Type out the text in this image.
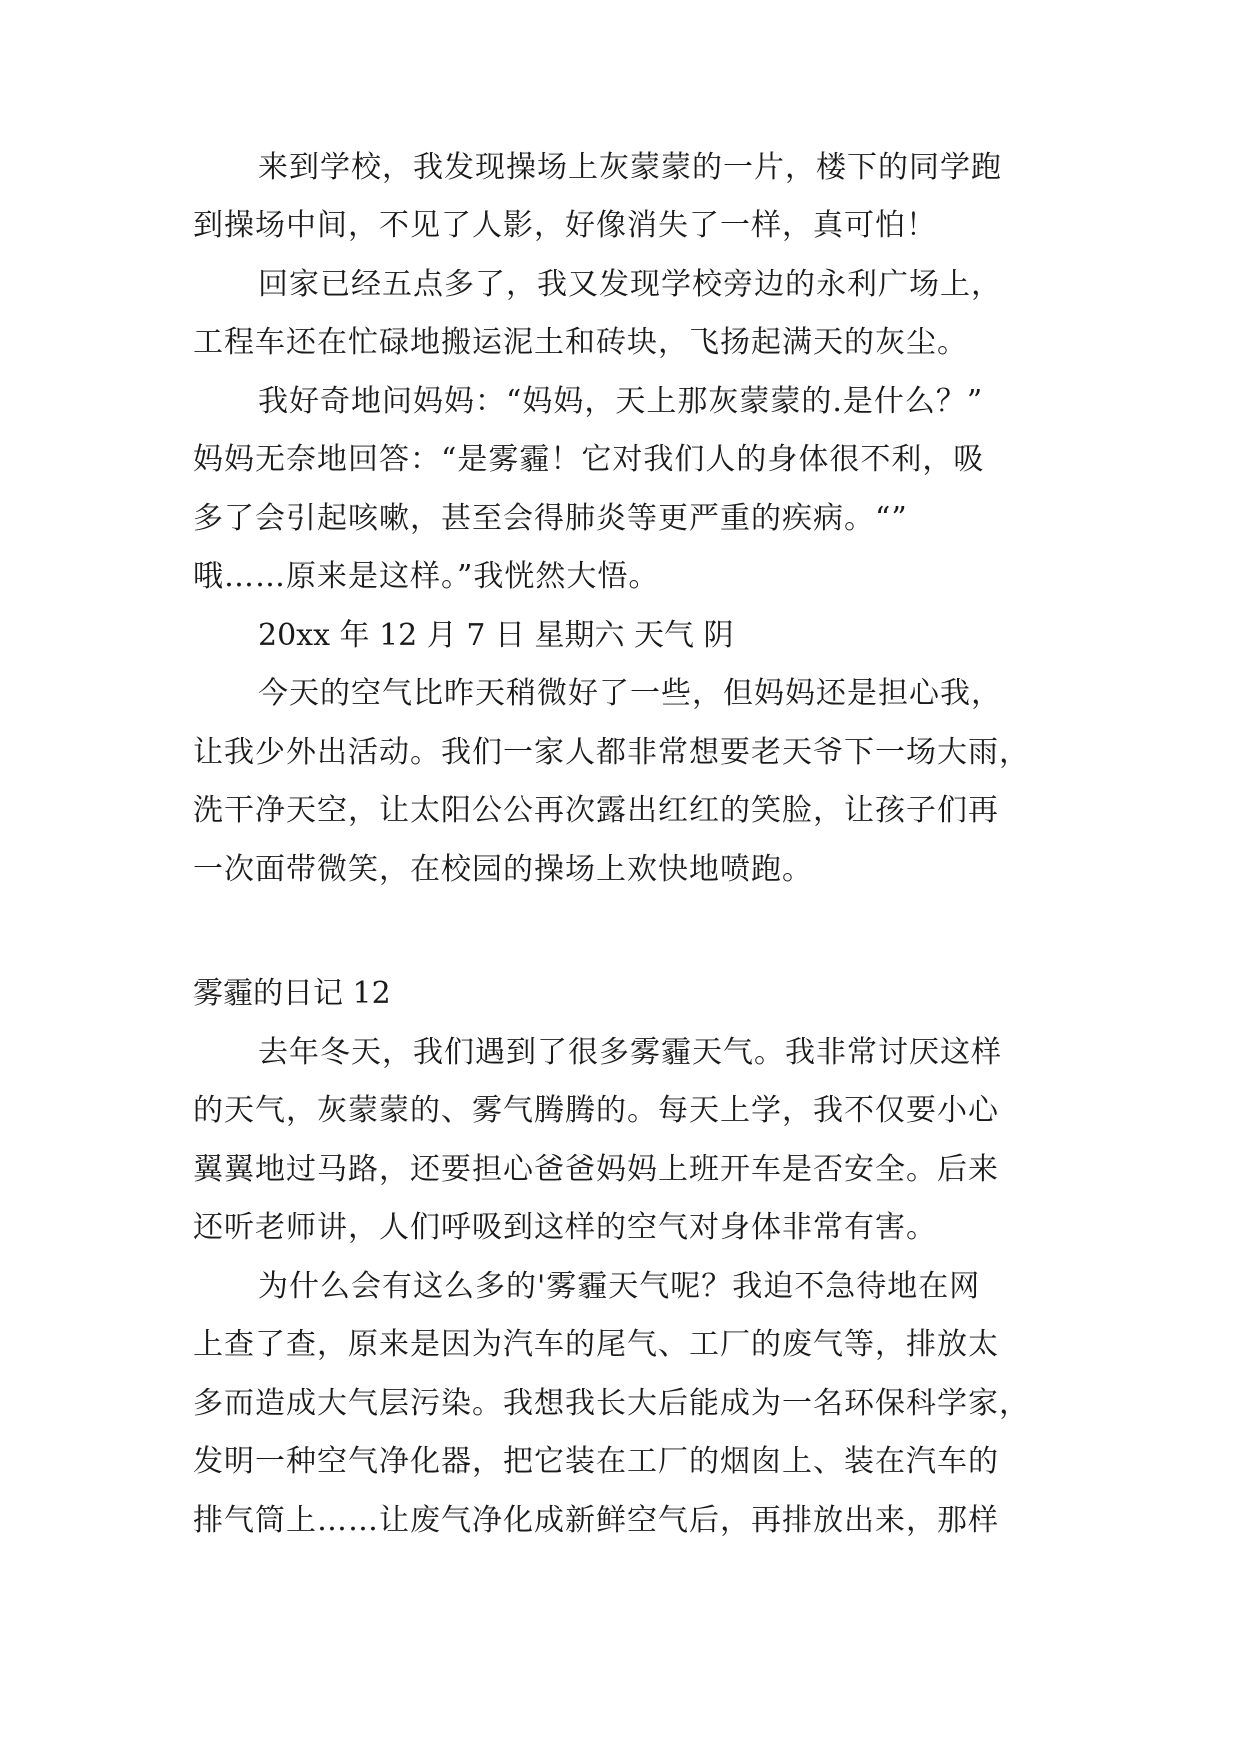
来到学校，我发现操场上灰蒙蒙的一片，楼下的同学跑
到操场中间，不见了人影，好像消失了一样，真可怕！
回家已经五点多了，我又发现学校旁边的永利广场上，
工程车还在忙碌地搬运泥土和砖块，飞扬起满天的灰尘。
我好奇地问妈妈：“妈妈，天上那灰蒙蒙的.是什么？”
妈妈无奈地回答：“是雾霾！它对我们人的身体很不利，吸
多了会引起咳嗽，甚至会得肺炎等更严重的疾病。“”
哦……原来是这样。”我恍然大悟。
20xx 年 12 月 7 日 星期六 天气 阴
今天的空气比昨天稍微好了一些，但妈妈还是担心我，
让我少外出活动。我们一家人都非常想要老天爷下一场大雨，
洗干净天空，让太阳公公再次露出红红的笑脸，让孩子们再
一次面带微笑，在校园的操场上欢快地喷跑。
雾霾的日记 12
去年冬天，我们遇到了很多雾霾天气。我非常讨厌这样
的天气，灰蒙蒙的、雾气腾腾的。每天上学，我不仅要小心
翼翼地过马路，还要担心爸爸妈妈上班开车是否安全。后来
还听老师讲，人们呼吸到这样的空气对身体非常有害。
为什么会有这么多的'雾霾天气呢？我迫不急待地在网
上查了查，原来是因为汽车的尾气、工厂的废气等，排放太
多而造成大气层污染。我想我长大后能成为一名环保科学家，
发明一种空气净化器，把它装在工厂的烟囱上、装在汽车的
排气筒上……让废气净化成新鲜空气后，再排放出来，那样
